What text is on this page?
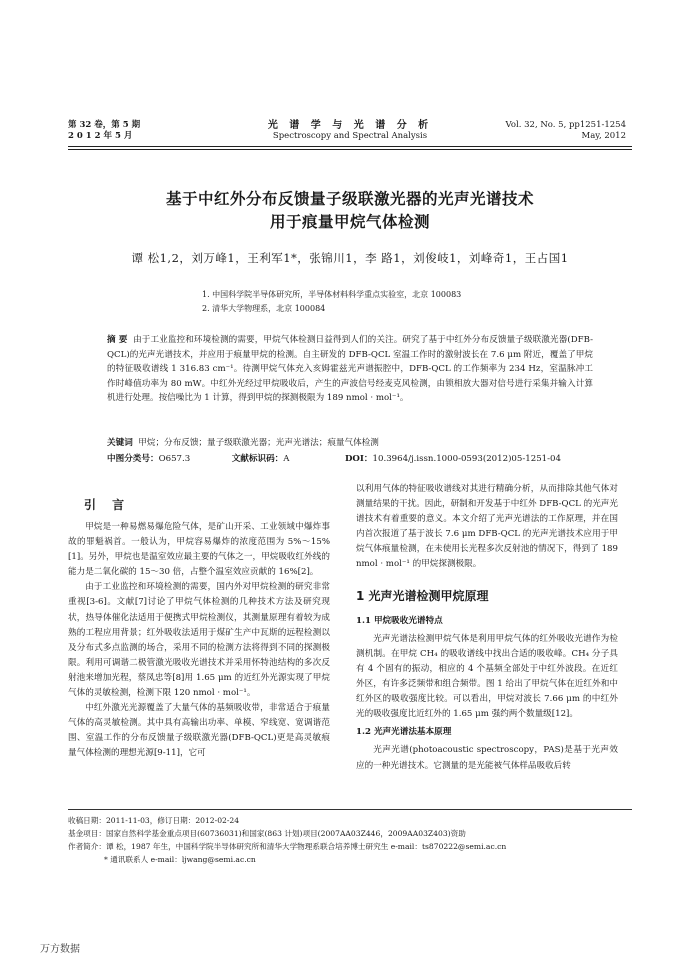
第 32 卷，第 5 期
2 0 1 2 年 5 月
光 谱 学 与 光 谱 分 析
Spectroscopy and Spectral Analysis
Vol. 32, No. 5, pp1251-1254
May, 2012
基于中红外分布反馈量子级联激光器的光声光谱技术
用于痕量甲烷气体检测
谭 松1,2，刘万峰1，王利军1*，张锦川1，李 路1，刘俊岐1，刘峰奇1，王占国1
1. 中国科学院半导体研究所，半导体材料科学重点实验室，北京 100083
2. 清华大学物理系，北京 100084
摘 要 由于工业监控和环境检测的需要，甲烷气体检测日益得到人们的关注。研究了基于中红外分布反馈量子级联激光器(DFB-QCL)的光声光谱技术，并应用于痕量甲烷的检测。自主研发的 DFB-QCL 室温工作时的激射波长在 7.6 μm 附近，覆盖了甲烷的特征吸收谱线 1 316.83 cm⁻¹。待测甲烷气体充入亥姆霍兹光声谱振腔中，DFB-QCL 的工作频率为 234 Hz，室温脉冲工作时峰值功率为 80 mW。中红外光经过甲烷吸收后，产生的声波信号经麦克风检测，由锁相放大器对信号进行采集并输入计算机进行处理。按信噪比为 1 计算，得到甲烷的探测极限为 189 nmol · mol⁻¹。
关键词 甲烷；分布反馈；量子级联激光器；光声光谱法；痕量气体检测
中图分类号：O657.3	文献标识码：A	DOI：10.3964/j.issn.1000-0593(2012)05-1251-04
引 言

甲烷是一种易燃易爆危险气体，是矿山开采、工业领域中爆炸事故的罪魁祸首。一般认为，甲烷容易爆炸的浓度范围为 5%～15%[1]。另外，甲烷也是温室效应最主要的气体之一，甲烷吸收红外线的能力是二氧化碳的 15～30 倍，占整个温室效应贡献的 16%[2]。

由于工业监控和环境检测的需要，国内外对甲烷检测的研究非常重视[3-6]。文献[7]讨论了甲烷气体检测的几种技术方法及研究现状，热导体催化法适用于便携式甲烷检测仪，其测量原理有着较为成熟的工程应用背景；红外吸收法适用于煤矿生产中瓦斯的远程检测以及分布式多点监测的场合，采用不同的检测方法将得到不同的探测极限。利用可调谐二极管激光吸收光谱技术并采用怀特池结构的多次反射池来增加光程，蔡凤忠等[8]用 1.65 μm 的近红外光源实现了甲烷气体的灵敏检测，检测下限 120 nmol · mol⁻¹。

中红外激光光源覆盖了大量气体的基频吸收带，非常适合于痕量气体的高灵敏检测。其中具有高输出功率、单模、窄线宽、宽调谐范围、室温工作的分布反馈量子级联激光器(DFB-QCL)更是高灵敏痕量气体检测的理想光源[9-11]，它可

以利用气体的特征吸收谱线对其进行精确分析，从而排除其他气体对测量结果的干扰。因此，研制和开发基于中红外 DFB-QCL 的光声光谱技术有着重要的意义。本文介绍了光声光谱法的工作原理，并在国内首次报道了基于波长 7.6 μm DFB-QCL 的光声光谱技术应用于甲烷气体痕量检测，在未使用长光程多次反射池的情况下，得到了 189 nmol · mol⁻¹ 的甲烷探测极限。

1 光声光谱检测甲烷原理
1.1 甲烷吸收光谱特点

光声光谱法检测甲烷气体是利用甲烷气体的红外吸收光谱作为检测机制。在甲烷 CH₄ 的吸收谱线中找出合适的吸收峰。CH₄ 分子具有 4 个固有的振动，相应的 4 个基频全部处于中红外波段。在近红外区，有许多泛频带和组合频带。图 1 给出了甲烷气体在近红外和中红外区的吸收强度比较。可以看出，甲烷对波长 7.66 μm 的中红外光的吸收强度比近红外的 1.65 μm 强约两个数量级[12]。

1.2 光声光谱法基本原理

光声光谱(photoacoustic spectroscopy，PAS)是基于光声效应的一种光谱技术。它测量的是光能被气体样品吸收后转

收稿日期：2011-11-03，修订日期：2012-02-24
基金项目：国家自然科学基金重点项目(60736031)和国家(863 计划)项目(2007AA03Z446，2009AA03Z403)资助
作者简介：谭 松，1987 年生，中国科学院半导体研究所和清华大学物理系联合培养博士研究生 e-mail：ts870222@semi.ac.cn
* 通讯联系人 e-mail：ljwang@semi.ac.cn
万方数据
